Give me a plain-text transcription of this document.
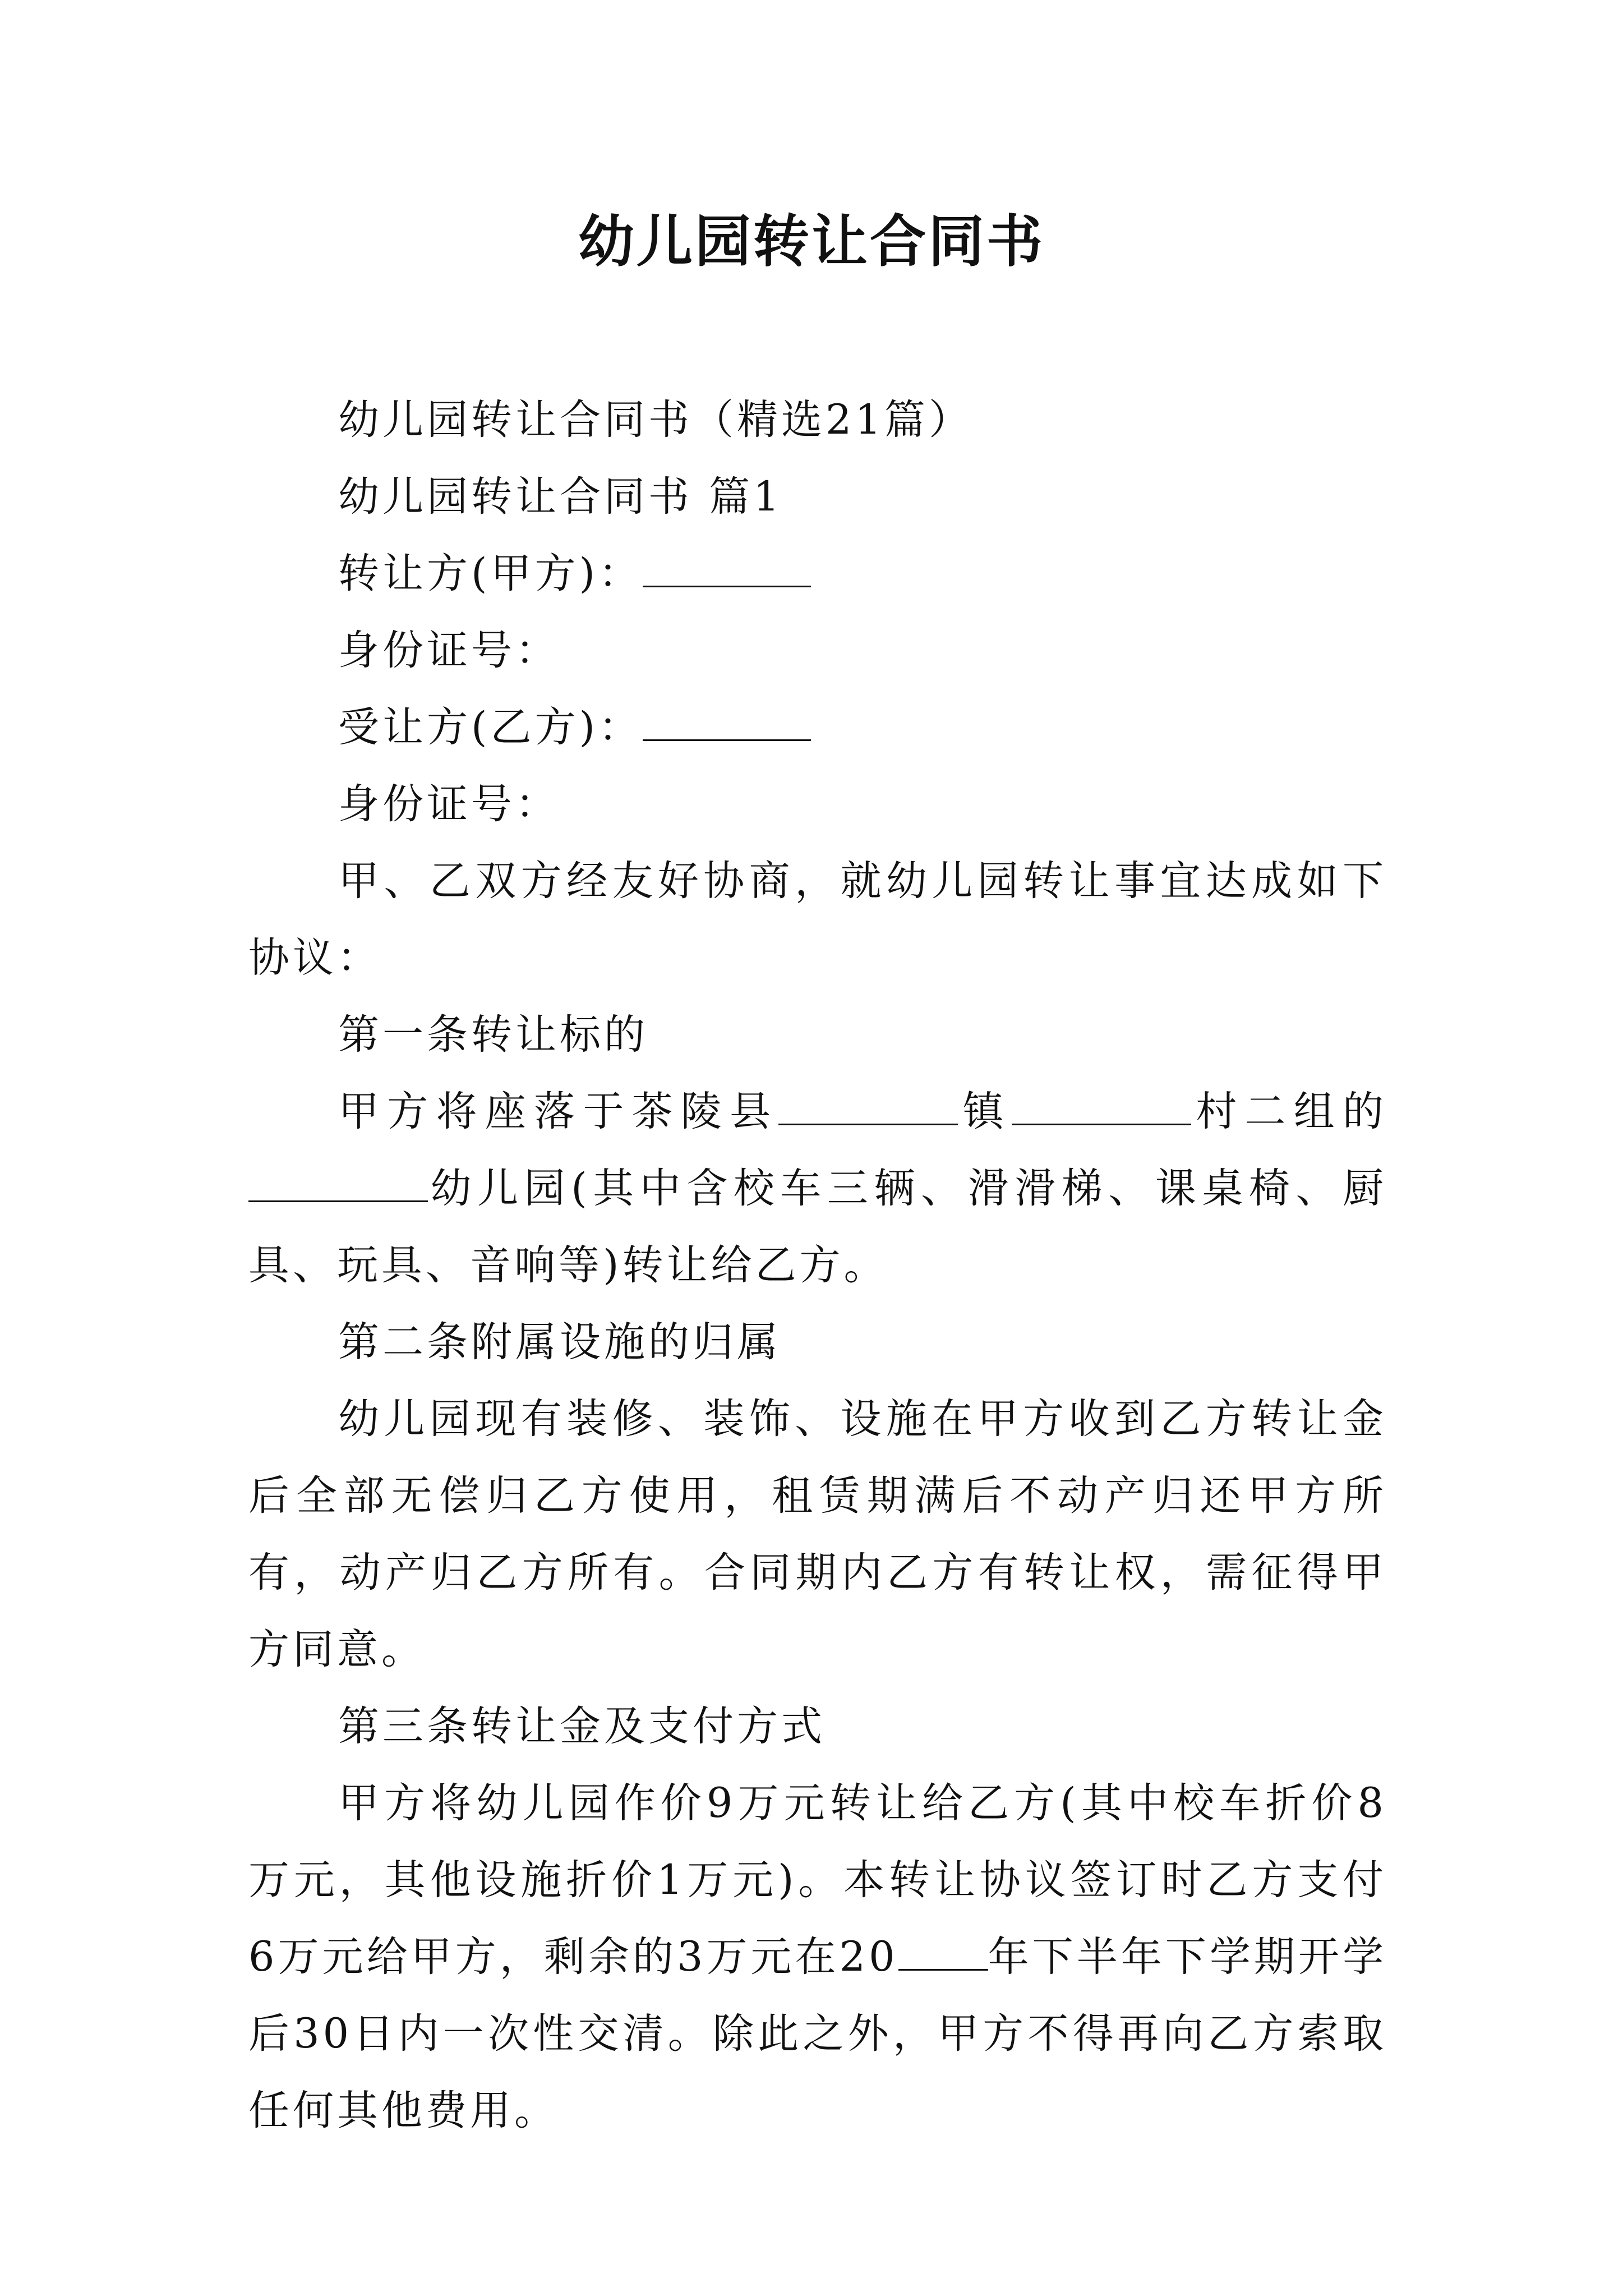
幼儿园转让合同书

幼儿园转让合同书（精选21篇）

幼儿园转让合同书 篇1

转让方(甲方)：

身份证号：

受让方(乙方)：

身份证号：

甲、乙双方经友好协商，就幼儿园转让事宜达成如下协议：

第一条转让标的

甲方将座落于茶陵县	镇	村二组的幼儿园(其中含校车三辆、滑滑梯、课桌椅、厨具、玩具、音响等)转让给乙方。

第二条附属设施的归属

幼儿园现有装修、装饰、设施在甲方收到乙方转让金后全部无偿归乙方使用，租赁期满后不动产归还甲方所有，动产归乙方所有。合同期内乙方有转让权，需征得甲方同意。

第三条转让金及支付方式

甲方将幼儿园作价9万元转让给乙方(其中校车折价8万元，其他设施折价1万元)。本转让协议签订时乙方支付6万元给甲方，剩余的3万元在20 年下半年下学期开学后30日内一次性交清。除此之外，甲方不得再向乙方索取任何其他费用。
